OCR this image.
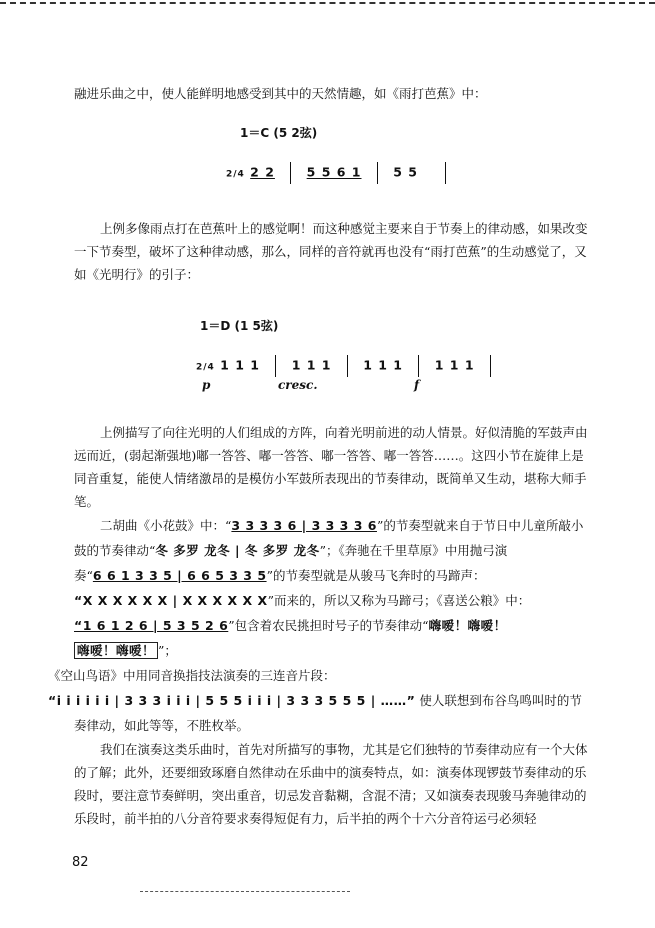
融进乐曲之中，使人能鲜明地感受到其中的天然情趣，如《雨打芭蕉》中：
1＝C (5 2弦)
2/4 2 2	5 5 6 1	5 5
上例多像雨点打在芭蕉叶上的感觉啊！而这种感觉主要来自于节奏上的律动感，如果改变一下节奏型，破坏了这种律动感，那么，同样的音符就再也没有“雨打芭蕉”的生动感觉了，又如《光明行》的引子：
1＝D (1 5弦)
2/4 1 1 1	1 1 1	1 1 1	1 1 1
p	cresc.	f
上例描写了向往光明的人们组成的方阵，向着光明前进的动人情景。好似清脆的军鼓声由远而近，(弱起渐强地)嘟一答答、嘟一答答、嘟一答答、嘟一答答……。这四小节在旋律上是同音重复，能使人情绪激昂的是模仿小军鼓所表现出的节奏律动，既简单又生动，堪称大师手笔。
二胡曲《小花鼓》中：“3 3 3 3 6 | 3 3 3 3 6”的节奏型就来自于节日中儿童所敲小鼓的节奏律动“冬 多罗 龙冬 | 冬 多罗 龙冬”；《奔驰在千里草原》中用抛弓演奏“6 6 1 3 3 5 | 6 6 5 3 3 5”的节奏型就是从骏马飞奔时的马蹄声：
“X X X X X X | X X X X X X”而来的，所以又称为马蹄弓；《喜送公粮》中：
“1 6 1 2 6 | 5 3 5 2 6”包含着农民挑担时号子的节奏律动“嗨嗳！嗨嗳！嗨嗳！嗨嗳！ ”；
《空山鸟语》中用同音换指技法演奏的三连音片段：
“i i i i i i | 3 3 3 i i i | 5 5 5 i i i | 3 3 3 5 5 5 | ……” 使人联想到布谷鸟鸣叫时的节奏律动，如此等等，不胜枚举。
我们在演奏这类乐曲时，首先对所描写的事物，尤其是它们独特的节奏律动应有一个大体的了解；此外，还要细致琢磨自然律动在乐曲中的演奏特点，如：演奏体现锣鼓节奏律动的乐段时，要注意节奏鲜明，突出重音，切忌发音黏糊，含混不清；又如演奏表现骏马奔驰律动的乐段时，前半拍的八分音符要求奏得短促有力，后半拍的两个十六分音符运弓必须轻
82
